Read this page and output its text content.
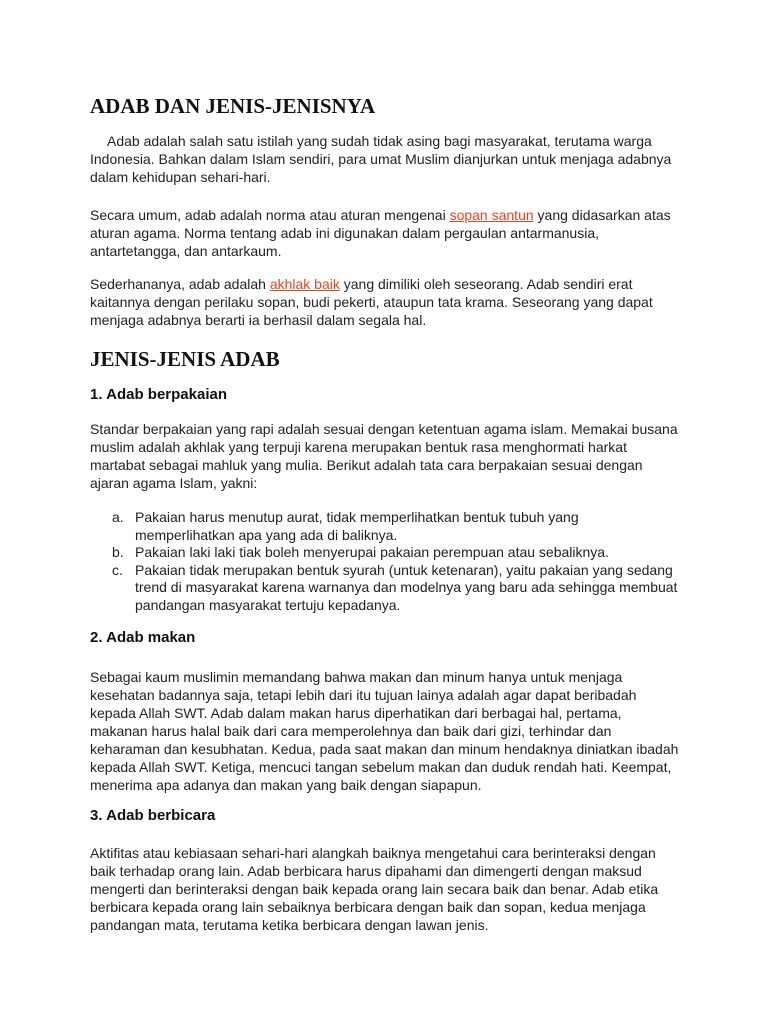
ADAB DAN JENIS-JENISNYA

Adab adalah salah satu istilah yang sudah tidak asing bagi masyarakat, terutama warga Indonesia. Bahkan dalam Islam sendiri, para umat Muslim dianjurkan untuk menjaga adabnya dalam kehidupan sehari-hari.

Secara umum, adab adalah norma atau aturan mengenai sopan santun yang didasarkan atas aturan agama. Norma tentang adab ini digunakan dalam pergaulan antarmanusia, antartetangga, dan antarkaum.

Sederhananya, adab adalah akhlak baik yang dimiliki oleh seseorang. Adab sendiri erat kaitannya dengan perilaku sopan, budi pekerti, ataupun tata krama. Seseorang yang dapat menjaga adabnya berarti ia berhasil dalam segala hal.

JENIS-JENIS ADAB
1. Adab berpakaian

Standar berpakaian yang rapi adalah sesuai dengan ketentuan agama islam. Memakai busana muslim adalah akhlak yang terpuji karena merupakan bentuk rasa menghormati harkat martabat sebagai mahluk yang mulia. Berikut adalah tata cara berpakaian sesuai dengan ajaran agama Islam, yakni:

a. Pakaian harus menutup aurat, tidak memperlihatkan bentuk tubuh yang memperlihatkan apa yang ada di baliknya.
b. Pakaian laki laki tiak boleh menyerupai pakaian perempuan atau sebaliknya.
c. Pakaian tidak merupakan bentuk syurah (untuk ketenaran), yaitu pakaian yang sedang trend di masyarakat karena warnanya dan modelnya yang baru ada sehingga membuat pandangan masyarakat tertuju kepadanya.
2. Adab makan

Sebagai kaum muslimin memandang bahwa makan dan minum hanya untuk menjaga kesehatan badannya saja, tetapi lebih dari itu tujuan lainya adalah agar dapat beribadah kepada Allah SWT. Adab dalam makan harus diperhatikan dari berbagai hal, pertama, makanan harus halal baik dari cara memperolehnya dan baik dari gizi, terhindar dan keharaman dan kesubhatan. Kedua, pada saat makan dan minum hendaknya diniatkan ibadah kepada Allah SWT. Ketiga, mencuci tangan sebelum makan dan duduk rendah hati. Keempat, menerima apa adanya dan makan yang baik dengan siapapun.

3. Adab berbicara

Aktifitas atau kebiasaan sehari-hari alangkah baiknya mengetahui cara berinteraksi dengan baik terhadap orang lain. Adab berbicara harus dipahami dan dimengerti dengan maksud mengerti dan berinteraksi dengan baik kepada orang lain secara baik dan benar. Adab etika berbicara kepada orang lain sebaiknya berbicara dengan baik dan sopan, kedua menjaga pandangan mata, terutama ketika berbicara dengan lawan jenis.
